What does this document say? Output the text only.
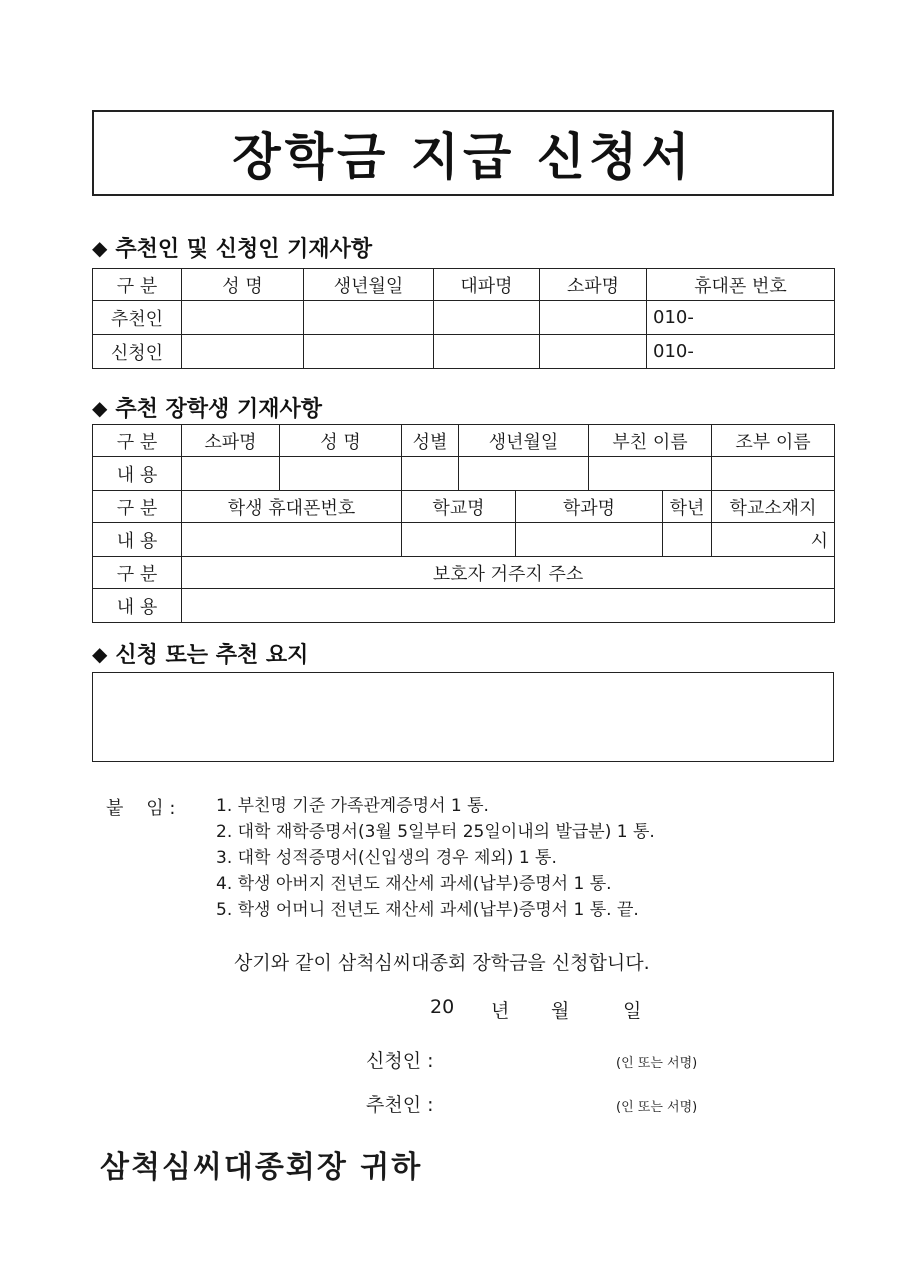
장학금 지급 신청서
◆ 추천인 및 신청인 기재사항
구 분	성 명	생년월일	대파명	소파명	휴대폰 번호
추천인					010-
신청인					010-
◆ 추천 장학생 기재사항
구 분	소파명	성 명	성별	생년월일		부친 이름		조부 이름
내 용								
구 분	학생 휴대폰번호		학교명		학과명		학년	학교소재지
내 용								시
구 분	보호자 거주지 주소							
내 용								
◆ 신청 또는 추천 요지
붙    임 : 1. 부친명 기준 가족관계증명서 1 통.
2. 대학 재학증명서(3월 5일부터 25일이내의 발급분) 1 통.
3. 대학 성적증명서(신입생의 경우 제외) 1 통.
4. 학생 아버지 전년도 재산세 과세(납부)증명서 1 통.
5. 학생 어머니 전년도 재산세 과세(납부)증명서 1 통. 끝.
상기와 같이 삼척심씨대종회 장학금을 신청합니다.
20 년 월	일
신청인 :	(인 또는 서명)
추천인 :	(인 또는 서명)
삼척심씨대종회장 귀하
